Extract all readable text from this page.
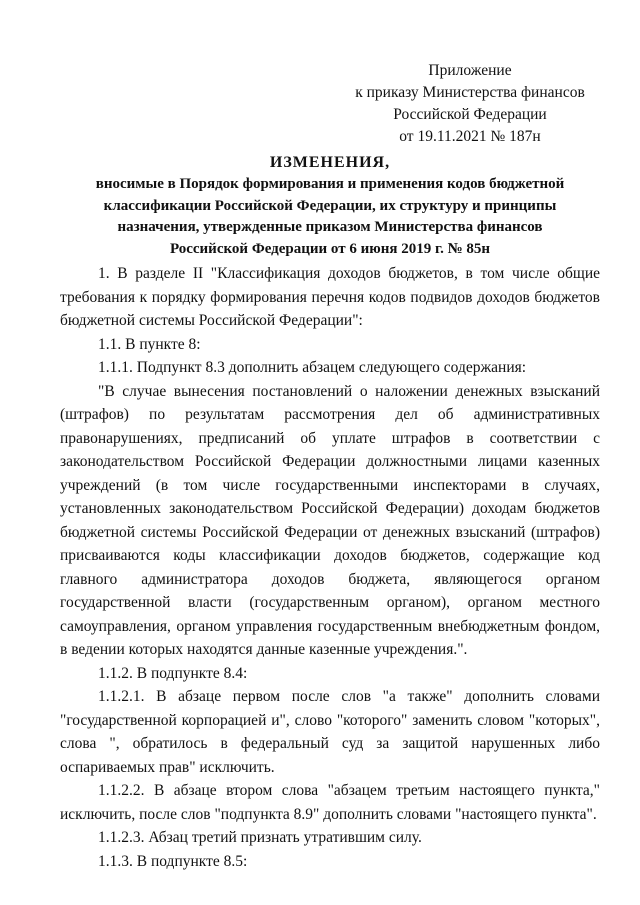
Приложение
к приказу Министерства финансов
Российской Федерации
от 19.11.2021 № 187н
ИЗМЕНЕНИЯ,
вносимые в Порядок формирования и применения кодов бюджетной
классификации Российской Федерации, их структуру и принципы
назначения, утвержденные приказом Министерства финансов
Российской Федерации от 6 июня 2019 г. № 85н

1. В разделе II "Классификация доходов бюджетов, в том числе общие требования к порядку формирования перечня кодов подвидов доходов бюджетов бюджетной системы Российской Федерации":

1.1. В пункте 8:

1.1.1. Подпункт 8.3 дополнить абзацем следующего содержания:

"В случае вынесения постановлений о наложении денежных взысканий (штрафов) по результатам рассмотрения дел об административных правонарушениях, предписаний об уплате штрафов в соответствии с законодательством Российской Федерации должностными лицами казенных учреждений (в том числе государственными инспекторами в случаях, установленных законодательством Российской Федерации) доходам бюджетов бюджетной системы Российской Федерации от денежных взысканий (штрафов) присваиваются коды классификации доходов бюджетов, содержащие код главного администратора доходов бюджета, являющегося органом государственной власти (государственным органом), органом местного самоуправления, органом управления государственным внебюджетным фондом, в ведении которых находятся данные казенные учреждения.".

1.1.2. В подпункте 8.4:

1.1.2.1. В абзаце первом после слов "а также" дополнить словами "государственной корпорацией и", слово "которого" заменить словом "которых", слова ", обратилось в федеральный суд за защитой нарушенных либо оспариваемых прав" исключить.

1.1.2.2. В абзаце втором слова "абзацем третьим настоящего пункта," исключить, после слов "подпункта 8.9" дополнить словами "настоящего пункта".

1.1.2.3. Абзац третий признать утратившим силу.

1.1.3. В подпункте 8.5:
